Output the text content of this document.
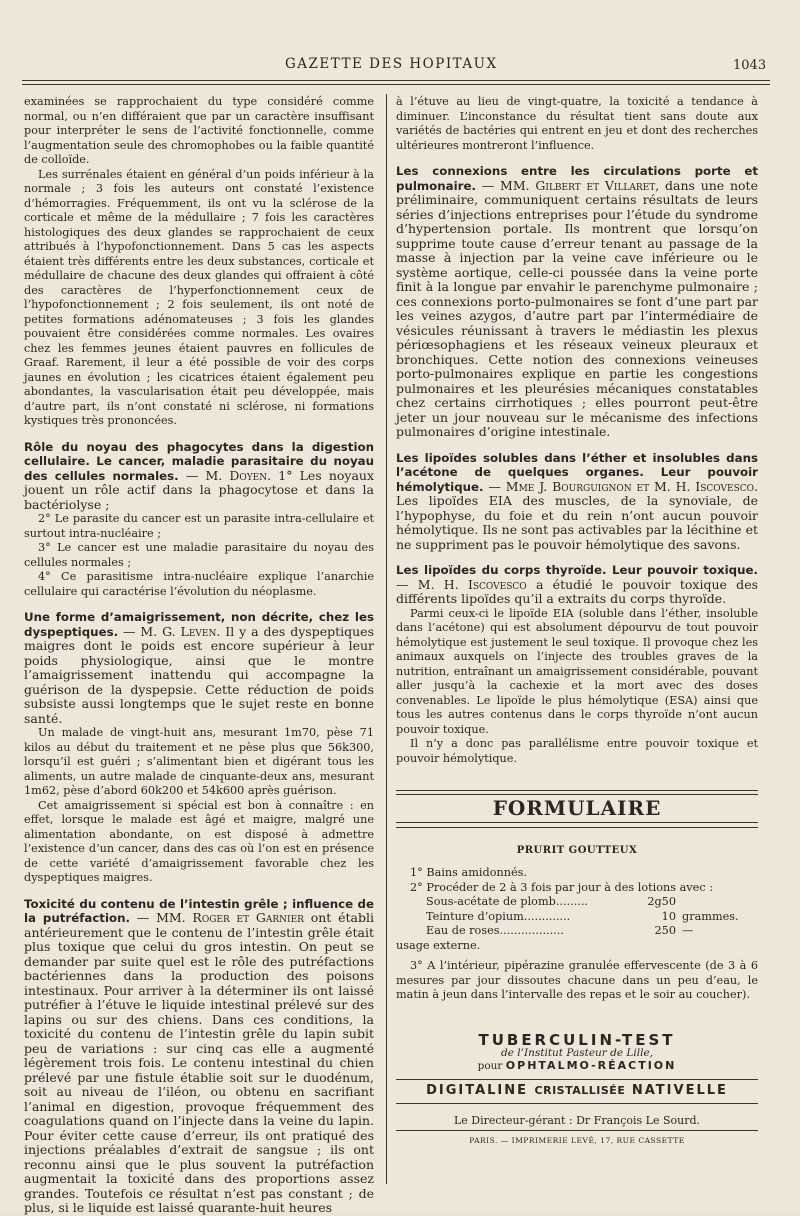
GAZETTE DES HOPITAUX	1043

examinées se rapprochaient du type considéré comme normal, ou n’en différaient que par un caractère insuffisant pour interpréter le sens de l’activité fonctionnelle, comme l’augmentation seule des chromophobes ou la faible quantité de colloïde.

Les surrénales étaient en général d’un poids inférieur à la normale ; 3 fois les auteurs ont constaté l’existence d’hémorragies. Fréquemment, ils ont vu la sclérose de la corticale et même de la médullaire ; 7 fois les caractères histologiques des deux glandes se rapprochaient de ceux attribués à l’hypofonctionnement. Dans 5 cas les aspects étaient très différents entre les deux substances, corticale et médullaire de chacune des deux glandes qui offraient à côté des caractères de l’hyperfonctionnement ceux de l’hypofonctionnement ; 2 fois seulement, ils ont noté de petites formations adénomateuses ; 3 fois les glandes pouvaient être considérées comme normales. Les ovaires chez les femmes jeunes étaient pauvres en follicules de Graaf. Rarement, il leur a été possible de voir des corps jaunes en évolution ; les cicatrices étaient également peu abondantes, la vascularisation était peu développée, mais d’autre part, ils n’ont constaté ni sclérose, ni formations kystiques très prononcées.

Rôle du noyau des phagocytes dans la digestion cellulaire. Le cancer, maladie parasitaire du noyau des cellules normales. — M. Doyen. 1° Les noyaux jouent un rôle actif dans la phagocytose et dans la bactériolyse ;

2° Le parasite du cancer est un parasite intra-cellulaire et surtout intra-nucléaire ;

3° Le cancer est une maladie parasitaire du noyau des cellules normales ;

4° Ce parasitisme intra-nucléaire explique l’anarchie cellulaire qui caractérise l’évolution du néoplasme.

Une forme d’amaigrissement, non décrite, chez les dyspeptiques. — M. G. Leven. Il y a des dyspeptiques maigres dont le poids est encore supérieur à leur poids physiologique, ainsi que le montre l’amaigrissement inattendu qui accompagne la guérison de la dyspepsie. Cette réduction de poids subsiste aussi longtemps que le sujet reste en bonne santé.

Un malade de vingt-huit ans, mesurant 1m70, pèse 71 kilos au début du traitement et ne pèse plus que 56k300, lorsqu’il est guéri ; s’alimentant bien et digérant tous les aliments, un autre malade de cinquante-deux ans, mesurant 1m62, pèse d’abord 60k200 et 54k600 après guérison.

Cet amaigrissement si spécial est bon à connaître : en effet, lorsque le malade est âgé et maigre, malgré une alimentation abondante, on est disposé à admettre l’existence d’un cancer, dans des cas où l’on est en présence de cette variété d’amaigrissement favorable chez les dyspeptiques maigres.

Toxicité du contenu de l’intestin grêle ; influence de la putréfaction. — MM. Roger et Garnier ont établi antérieurement que le contenu de l’intestin grêle était plus toxique que celui du gros intestin. On peut se demander par suite quel est le rôle des putréfactions bactériennes dans la production des poisons intestinaux. Pour arriver à la déterminer ils ont laissé putréfier à l’étuve le liquide intestinal prélevé sur des lapins ou sur des chiens. Dans ces conditions, la toxicité du contenu de l’intestin grêle du lapin subit peu de variations : sur cinq cas elle a augmenté légèrement trois fois. Le contenu intestinal du chien prélevé par une fistule établie soit sur le duodénum, soit au niveau de l’iléon, ou obtenu en sacrifiant l’animal en digestion, provoque fréquemment des coagulations quand on l’injecte dans la veine du lapin. Pour éviter cette cause d’erreur, ils ont pratiqué des injections préalables d’extrait de sangsue ; ils ont reconnu ainsi que le plus souvent la putréfaction augmentait la toxicité dans des proportions assez grandes. Toutefois ce résultat n’est pas constant ; de plus, si le liquide est laissé quarante-huit heures

à l’étuve au lieu de vingt-quatre, la toxicité a tendance à diminuer. L’inconstance du résultat tient sans doute aux variétés de bactéries qui entrent en jeu et dont des recherches ultérieures montreront l’influence.

Les connexions entre les circulations porte et pulmonaire. — MM. Gilbert et Villaret, dans une note préliminaire, communiquent certains résultats de leurs séries d’injections entreprises pour l’étude du syndrome d’hypertension portale. Ils montrent que lorsqu’on supprime toute cause d’erreur tenant au passage de la masse à injection par la veine cave inférieure ou le système aortique, celle-ci poussée dans la veine porte finit à la longue par envahir le parenchyme pulmonaire ; ces connexions porto-pulmonaires se font d’une part par les veines azygos, d’autre part par l’intermédiaire de vésicules réunissant à travers le médiastin les plexus périœsophagiens et les réseaux veineux pleuraux et bronchiques. Cette notion des connexions veineuses porto-pulmonaires explique en partie les congestions pulmonaires et les pleurésies mécaniques constatables chez certains cirrhotiques ; elles pourront peut-être jeter un jour nouveau sur le mécanisme des infections pulmonaires d’origine intestinale.

Les lipoïdes solubles dans l’éther et insolubles dans l’acétone de quelques organes. Leur pouvoir hémolytique. — Mme J. Bourguignon et M. H. Iscovesco. Les lipoïdes EIA des muscles, de la synoviale, de l’hypophyse, du foie et du rein n’ont aucun pouvoir hémolytique. Ils ne sont pas activables par la lécithine et ne suppriment pas le pouvoir hémolytique des savons.

Les lipoïdes du corps thyroïde. Leur pouvoir toxique. — M. H. Iscovesco a étudié le pouvoir toxique des différents lipoïdes qu’il a extraits du corps thyroïde.

Parmi ceux-ci le lipoïde EIA (soluble dans l’éther, insoluble dans l’acétone) qui est absolument dépourvu de tout pouvoir hémolytique est justement le seul toxique. Il provoque chez les animaux auxquels on l’injecte des troubles graves de la nutrition, entraînant un amaigrissement considérable, pouvant aller jusqu’à la cachexie et la mort avec des doses convenables. Le lipoïde le plus hémolytique (ESA) ainsi que tous les autres contenus dans le corps thyroïde n’ont aucun pouvoir toxique.

Il n’y a donc pas parallélisme entre pouvoir toxique et pouvoir hémolytique.

FORMULAIRE
PRURIT GOUTTEUX

1° Bains amidonnés.

2° Procéder de 2 à 3 fois par jour à des lotions avec :

Sous-acétate de plomb.........	2g50
Teinture d’opium.............	10 grammes.
Eau de roses..................	250 —

usage externe.

3° A l’intérieur, pipérazine granulée effervescente (de 3 à 6 mesures par jour dissoutes chacune dans un peu d’eau, le matin à jeun dans l’intervalle des repas et le soir au coucher).

TUBERCULIN-TEST
de l’Institut Pasteur de Lille,
pour OPHTALMO-RÉACTION
DIGITALINE CRISTALLISÉE NATIVELLE
Le Directeur-gérant : Dr François Le Sourd.
PARIS. — IMPRIMERIE LEVÉ, 17, RUE CASSETTE
